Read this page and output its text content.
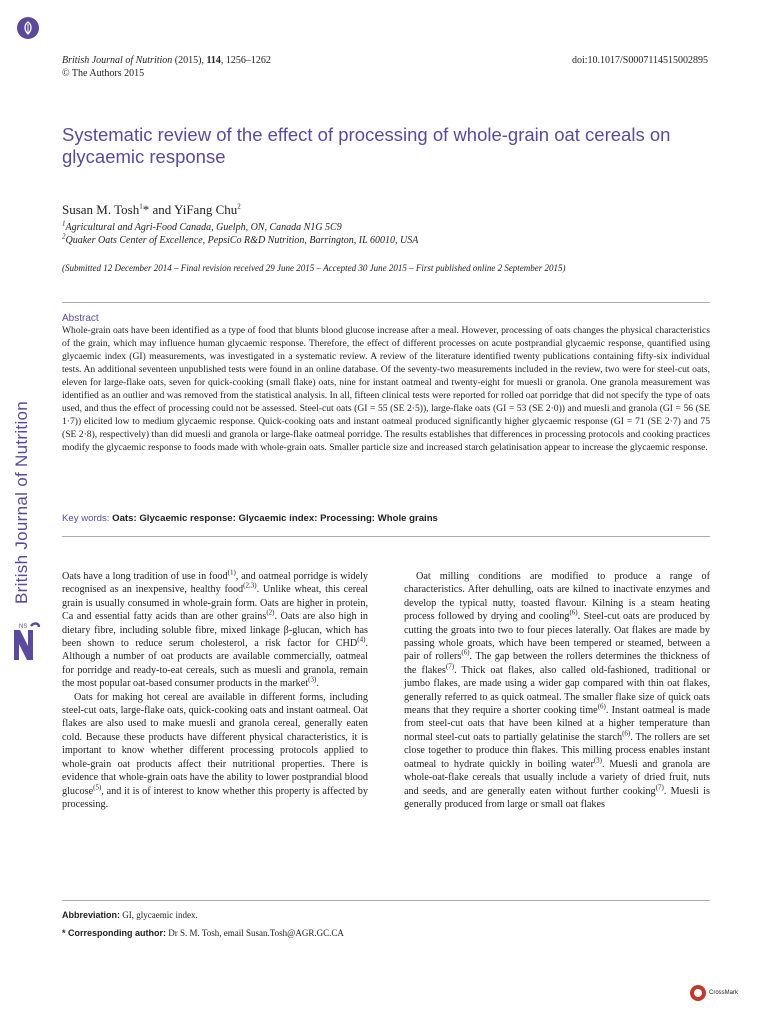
British Journal of Nutrition (2015), 114, 1256–1262
© The Authors 2015
doi:10.1017/S0007114515002895
Systematic review of the effect of processing of whole-grain oat cereals on glycaemic response
Susan M. Tosh$^1$* and YiFang Chu$^2$
$^1$Agricultural and Agri-Food Canada, Guelph, ON, Canada N1G 5C9
$^2$Quaker Oats Center of Excellence, PepsiCo R&D Nutrition, Barrington, IL 60010, USA
(Submitted 12 December 2014 – Final revision received 29 June 2015 – Accepted 30 June 2015 – First published online 2 September 2015)
Abstract
Whole-grain oats have been identified as a type of food that blunts blood glucose increase after a meal. However, processing of oats changes the physical characteristics of the grain, which may influence human glycaemic response. Therefore, the effect of different processes on acute postprandial glycaemic response, quantified using glycaemic index (GI) measurements, was investigated in a systematic review. A review of the literature identified twenty publications containing fifty-six individual tests. An additional seventeen unpublished tests were found in an online database. Of the seventy-two measurements included in the review, two were for steel-cut oats, eleven for large-flake oats, seven for quick-cooking (small flake) oats, nine for instant oatmeal and twenty-eight for muesli or granola. One granola measurement was identified as an outlier and was removed from the statistical analysis. In all, fifteen clinical tests were reported for rolled oat porridge that did not specify the type of oats used, and thus the effect of processing could not be assessed. Steel-cut oats (GI = 55 (SE 2·5)), large-flake oats (GI = 53 (SE 2·0)) and muesli and granola (GI = 56 (SE 1·7)) elicited low to medium glycaemic response. Quick-cooking oats and instant oatmeal produced significantly higher glycaemic response (GI = 71 (SE 2·7) and 75 (SE 2·8), respectively) than did muesli and granola or large-flake oatmeal porridge. The results establishes that differences in processing protocols and cooking practices modify the glycaemic response to foods made with whole-grain oats. Smaller particle size and increased starch gelatinisation appear to increase the glycaemic response.
Key words: Oats: Glycaemic response: Glycaemic index: Processing: Whole grains

Oats have a long tradition of use in food$^{(1)}$, and oatmeal porridge is widely recognised as an inexpensive, healthy food$^{(2,3)}$. Unlike wheat, this cereal grain is usually consumed in whole-grain form. Oats are higher in protein, Ca and essential fatty acids than are other grains$^{(2)}$. Oats are also high in dietary fibre, including soluble fibre, mixed linkage β-glucan, which has been shown to reduce serum cholesterol, a risk factor for CHD$^{(4)}$. Although a number of oat products are available commercially, oatmeal for porridge and ready-to-eat cereals, such as muesli and granola, remain the most popular oat-based consumer products in the market$^{(3)}$.

Oats for making hot cereal are available in different forms, including steel-cut oats, large-flake oats, quick-cooking oats and instant oatmeal. Oat flakes are also used to make muesli and granola cereal, generally eaten cold. Because these products have different physical characteristics, it is important to know whether different processing protocols applied to whole-grain oat products affect their nutritional properties. There is evidence that whole-grain oats have the ability to lower postprandial blood glucose$^{(5)}$, and it is of interest to know whether this property is affected by processing.

Oat milling conditions are modified to produce a range of characteristics. After dehulling, oats are kilned to inactivate enzymes and develop the typical nutty, toasted flavour. Kilning is a steam heating process followed by drying and cooling$^{(6)}$. Steel-cut oats are produced by cutting the groats into two to four pieces laterally. Oat flakes are made by passing whole groats, which have been tempered or steamed, between a pair of rollers$^{(6)}$. The gap between the rollers determines the thickness of the flakes$^{(7)}$. Thick oat flakes, also called old-fashioned, traditional or jumbo flakes, are made using a wider gap compared with thin oat flakes, generally referred to as quick oatmeal. The smaller flake size of quick oats means that they require a shorter cooking time$^{(6)}$. Instant oatmeal is made from steel-cut oats that have been kilned at a higher temperature than normal steel-cut oats to partially gelatinise the starch$^{(6)}$. The rollers are set close together to produce thin flakes. This milling process enables instant oatmeal to hydrate quickly in boiling water$^{(3)}$. Muesli and granola are whole-oat-flake cereals that usually include a variety of dried fruit, nuts and seeds, and are generally eaten without further cooking$^{(7)}$. Muesli is generally produced from large or small oat flakes

Abbreviation: GI, glycaemic index.
* Corresponding author: Dr S. M. Tosh, email Susan.Tosh@AGR.GC.CA
British Journal of Nutrition
NS
CrossMark
